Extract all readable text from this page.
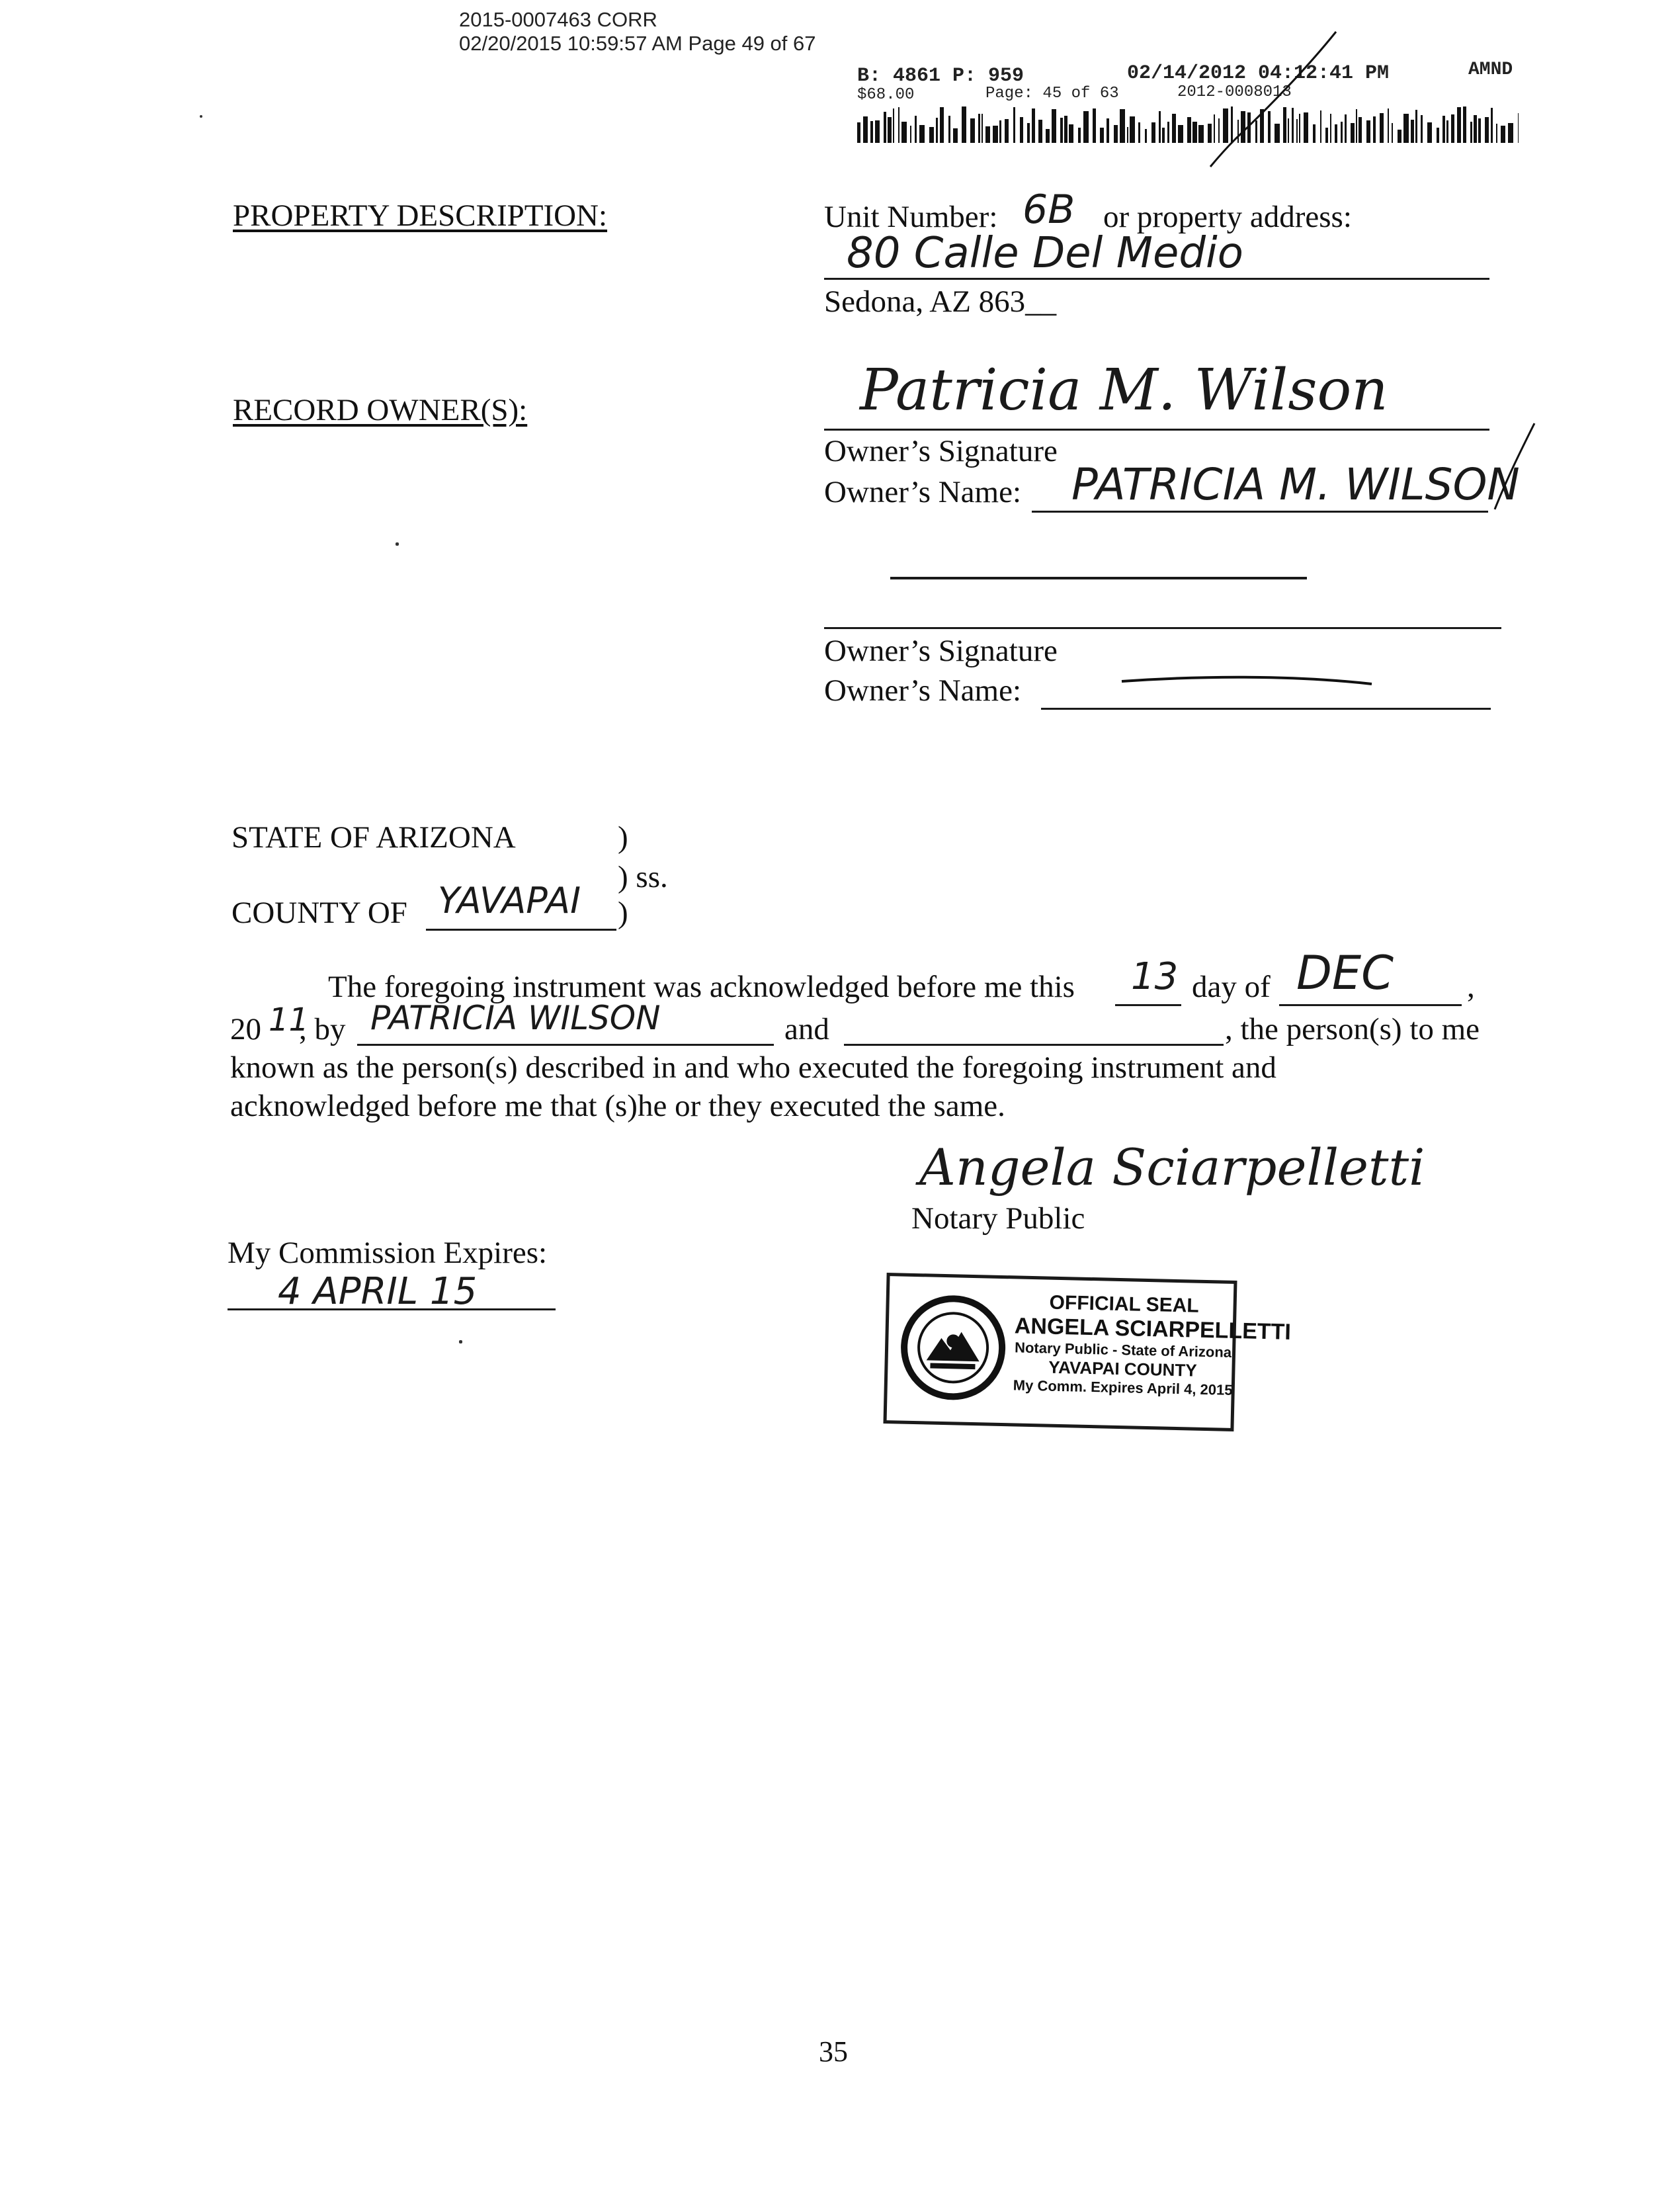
2015-0007463 CORR
02/20/2015 10:59:57 AM Page 49 of 67
B: 4861 P: 959	02/14/2012 04:12:41 PM	AMND
$68.00	Page: 45 of 63	2012-0008013
PROPERTY DESCRIPTION:	Unit Number: 6B or property address:
80 Calle Del Medio
Sedona, AZ 863__
RECORD OWNER(S):	Patricia M. Wilson
Owner’s Signature
Owner’s Name: PATRICIA M. WILSON
Owner’s Signature
Owner’s Name:
STATE OF ARIZONA	)
) ss.
COUNTY OF YAVAPAI )
The foregoing instrument was acknowledged before me this 13 day of DEC ,
20 11
, by PATRICIA WILSON	and	, the person(s) to me
known as the person(s) described in and who executed the foregoing instrument and
acknowledged before me that (s)he or they executed the same.
Angela Sciarpelletti
Notary Public
My Commission Expires:
4 APRIL 15	OFFICIAL SEAL
ANGELA SCIARPELLETTI
Notary Public - State of Arizona
YAVAPAI COUNTY
My Comm. Expires April 4, 2015
35
